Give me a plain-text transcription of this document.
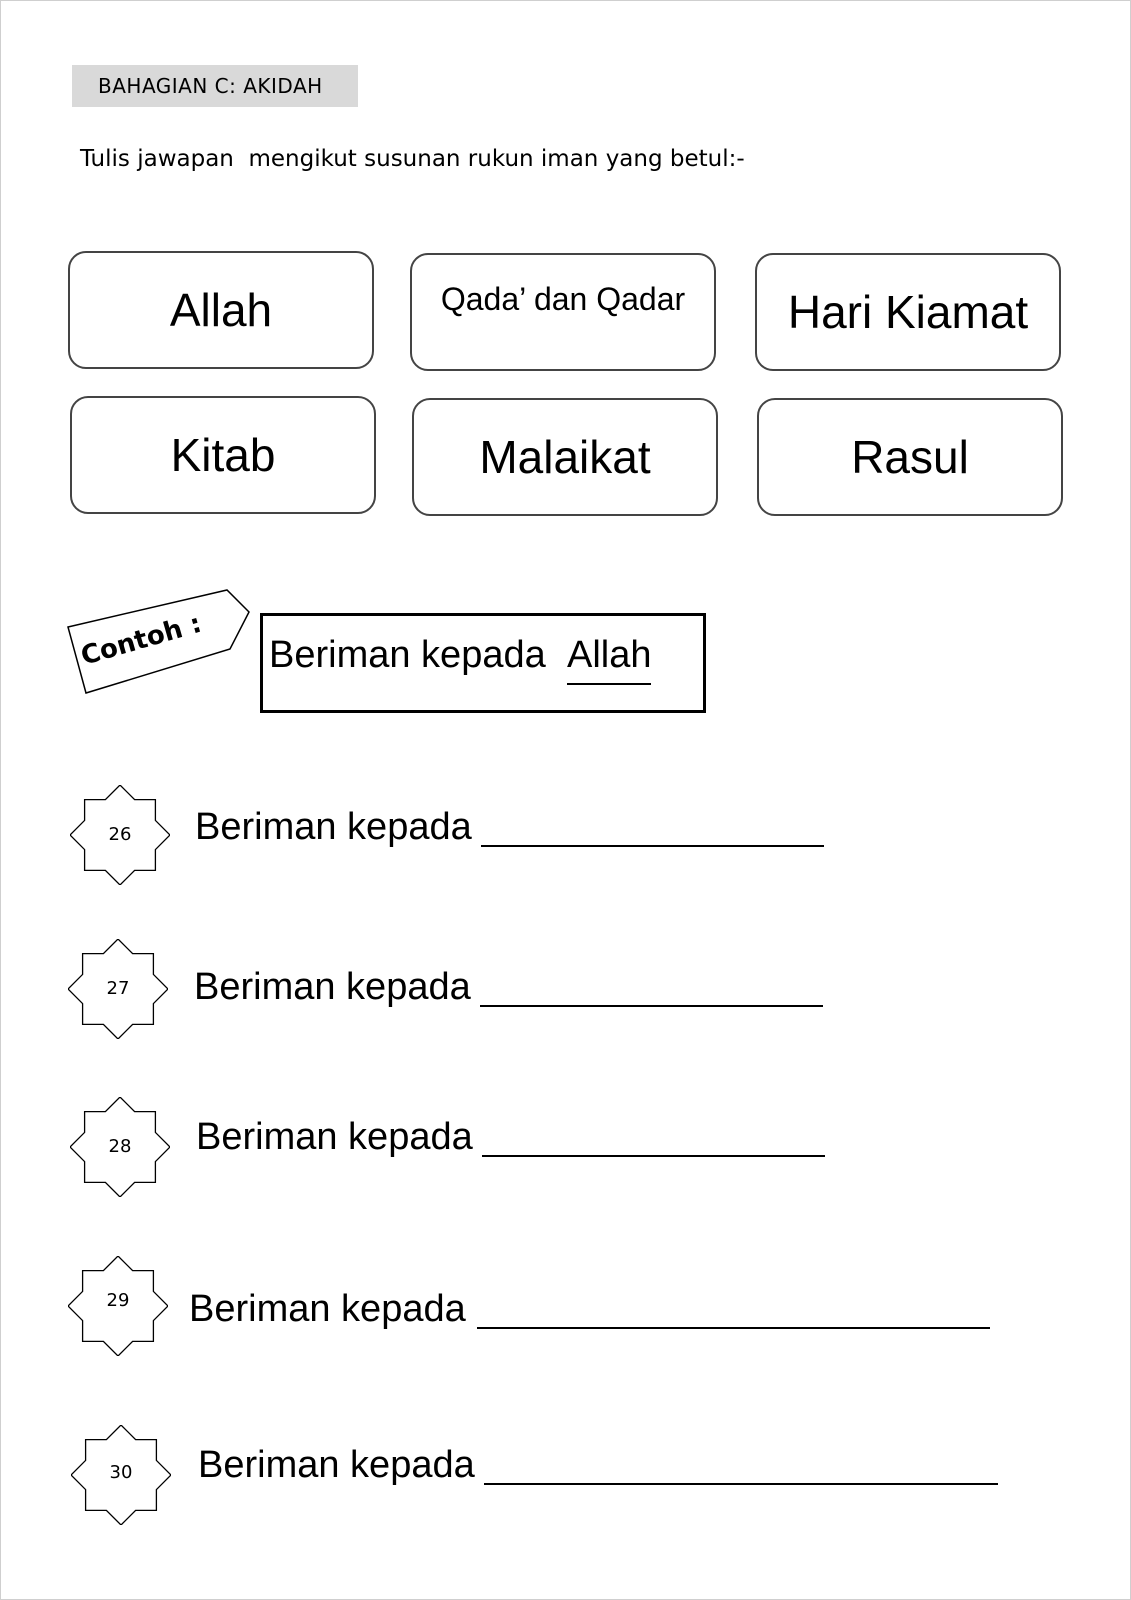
BAHAGIAN C: AKIDAH
Tulis jawapan  mengikut susunan rukun iman yang betul:-
Allah	Qada’ dan Qadar	Hari Kiamat
Kitab	Malaikat	Rasul
Contoh : Beriman kepada Allah
26	Beriman kepada
27	Beriman kepada
28	Beriman kepada
29	Beriman kepada
30	Beriman kepada
